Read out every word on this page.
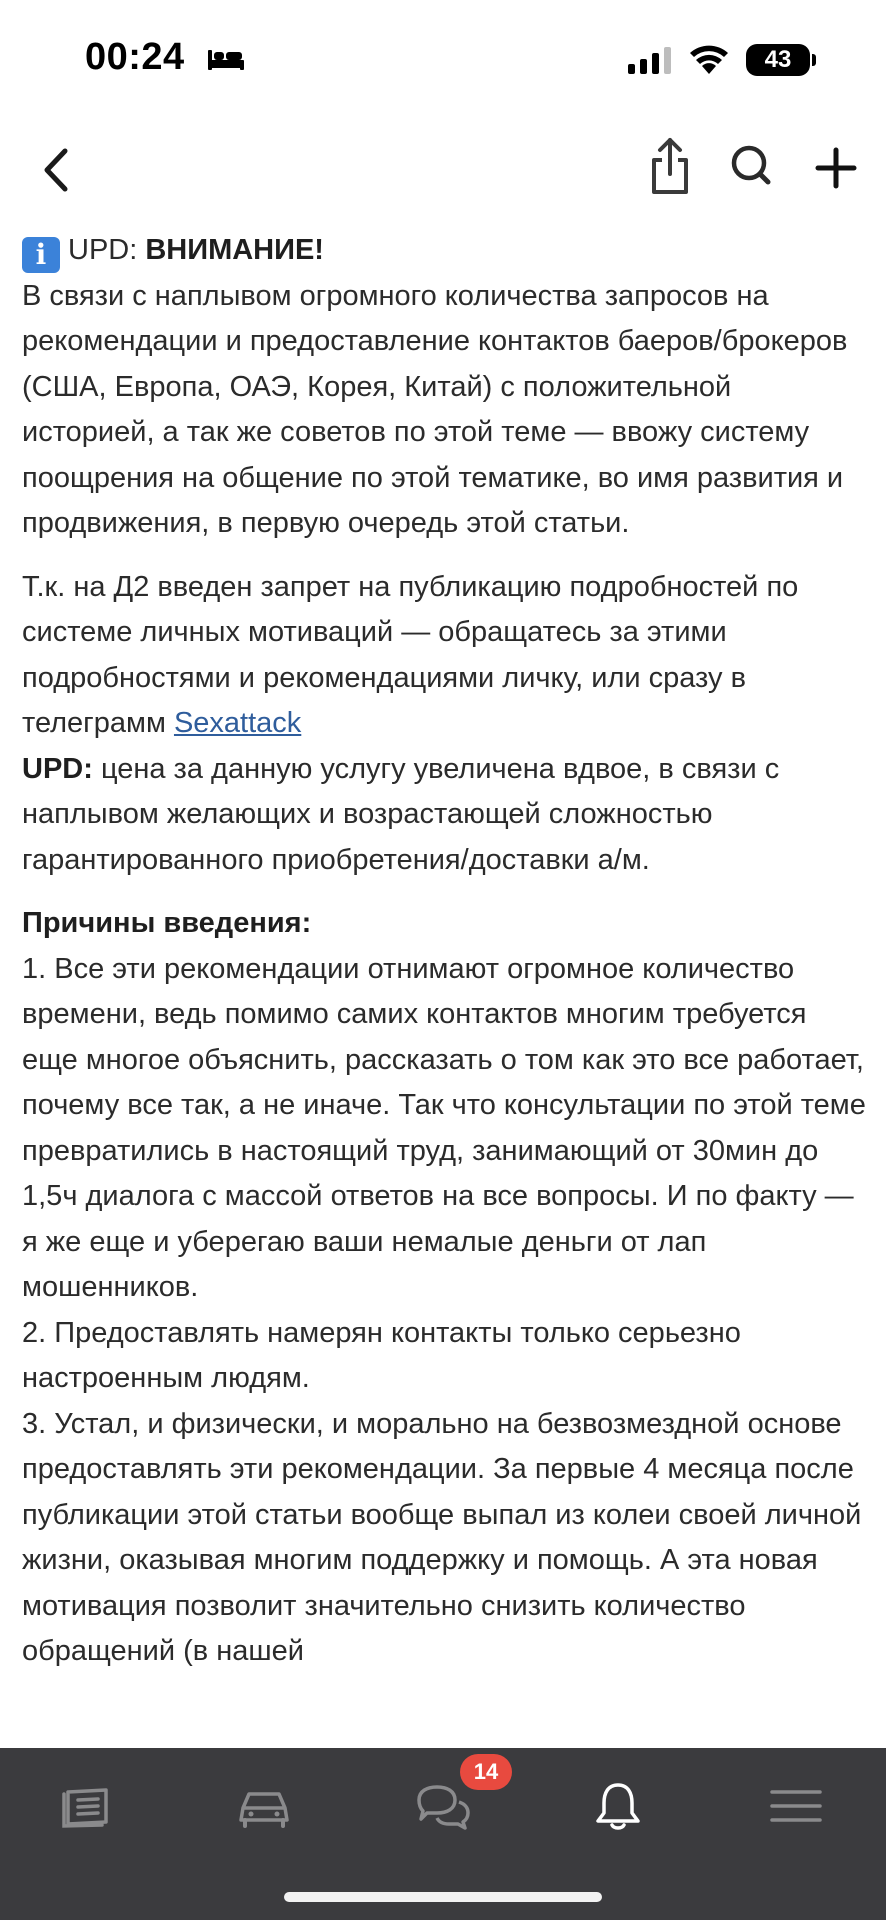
00:24	43
i UPD: ВНИМАНИЕ!
В связи с наплывом огромного количества запросов на рекомендации и предоставление контактов баеров/брокеров (США, Европа, ОАЭ, Корея, Китай) с положительной историей, а так же советов по этой теме — ввожу систему поощрения на общение по этой тематике, во имя развития и продвижения, в первую очередь этой статьи.
Т.к. на Д2 введен запрет на публикацию подробностей по системе личных мотиваций — обращатесь за этими подробностями и рекомендациями личку, или сразу в телеграмм Sexattack
UPD: цена за данную услугу увеличена вдвое, в связи с наплывом желающих и возрастающей сложностью гарантированного приобретения/доставки а/м.
Причины введения:
1. Все эти рекомендации отнимают огромное количество времени, ведь помимо самих контактов многим требуется еще многое объяснить, рассказать о том как это все работает, почему все так, а не иначе. Так что консультации по этой теме превратились в настоящий труд, занимающий от 30мин до 1,5ч диалога с массой ответов на все вопросы. И по факту — я же еще и уберегаю ваши немалые деньги от лап мошенников.
2. Предоставлять намерян контакты только серьезно настроенным людям.
3. Устал, и физически, и морально на безвозмездной основе предоставлять эти рекомендации. За первые 4 месяца после публикации этой статьи вообще выпал из колеи своей личной жизни, оказывая многим поддержку и помощь. А эта новая мотивация позволит значительно снизить количество обращений (в нашей
14
